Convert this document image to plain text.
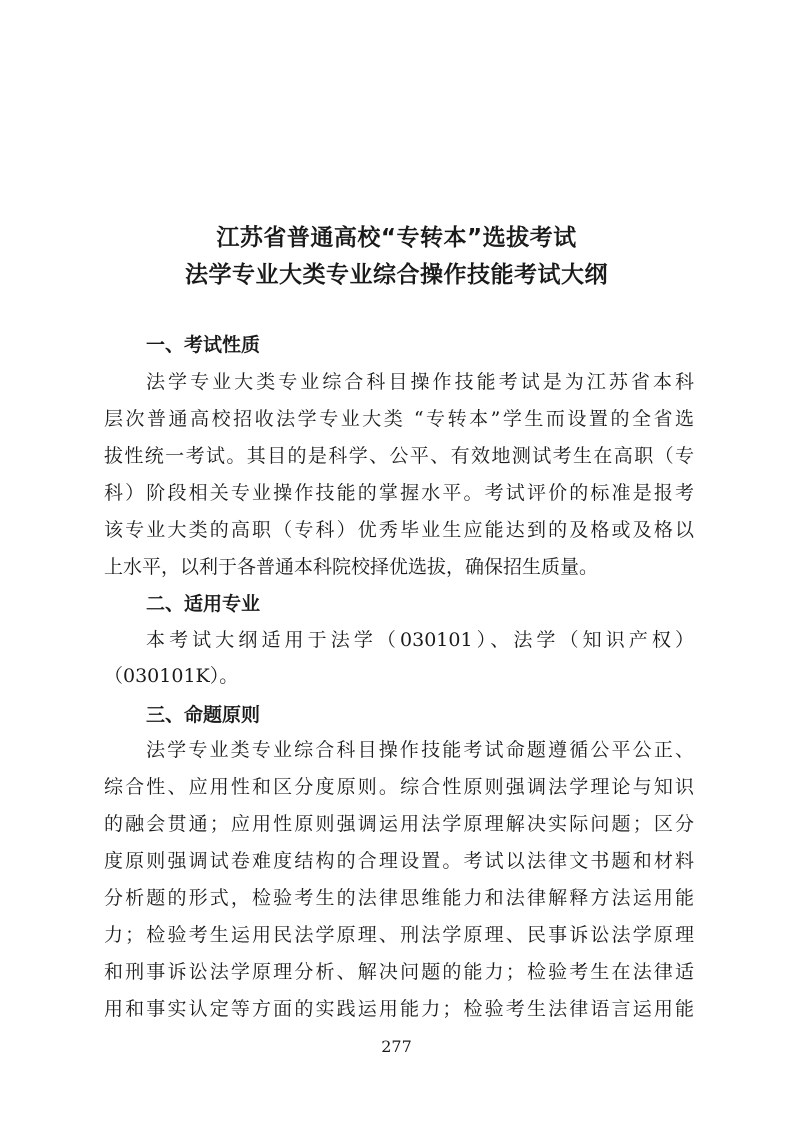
江苏省普通高校“专转本”选拔考试
法学专业大类专业综合操作技能考试大纲
一、考试性质
法学专业大类专业综合科目操作技能考试是为江苏省本科
层次普通高校招收法学专业大类 “专转本”学生而设置的全省选
拔性统一考试。其目的是科学、公平、有效地测试考生在高职（专
科）阶段相关专业操作技能的掌握水平。考试评价的标准是报考
该专业大类的高职（专科）优秀毕业生应能达到的及格或及格以
上水平，以利于各普通本科院校择优选拔，确保招生质量。
二、适用专业
本考试大纲适用于法学（030101）、法学（知识产权）
（030101K）。
三、命题原则
法学专业类专业综合科目操作技能考试命题遵循公平公正、
综合性、应用性和区分度原则。综合性原则强调法学理论与知识
的融会贯通；应用性原则强调运用法学原理解决实际问题；区分
度原则强调试卷难度结构的合理设置。考试以法律文书题和材料
分析题的形式，检验考生的法律思维能力和法律解释方法运用能
力；检验考生运用民法学原理、刑法学原理、民事诉讼法学原理
和刑事诉讼法学原理分析、解决问题的能力；检验考生在法律适
用和事实认定等方面的实践运用能力；检验考生法律语言运用能
277
